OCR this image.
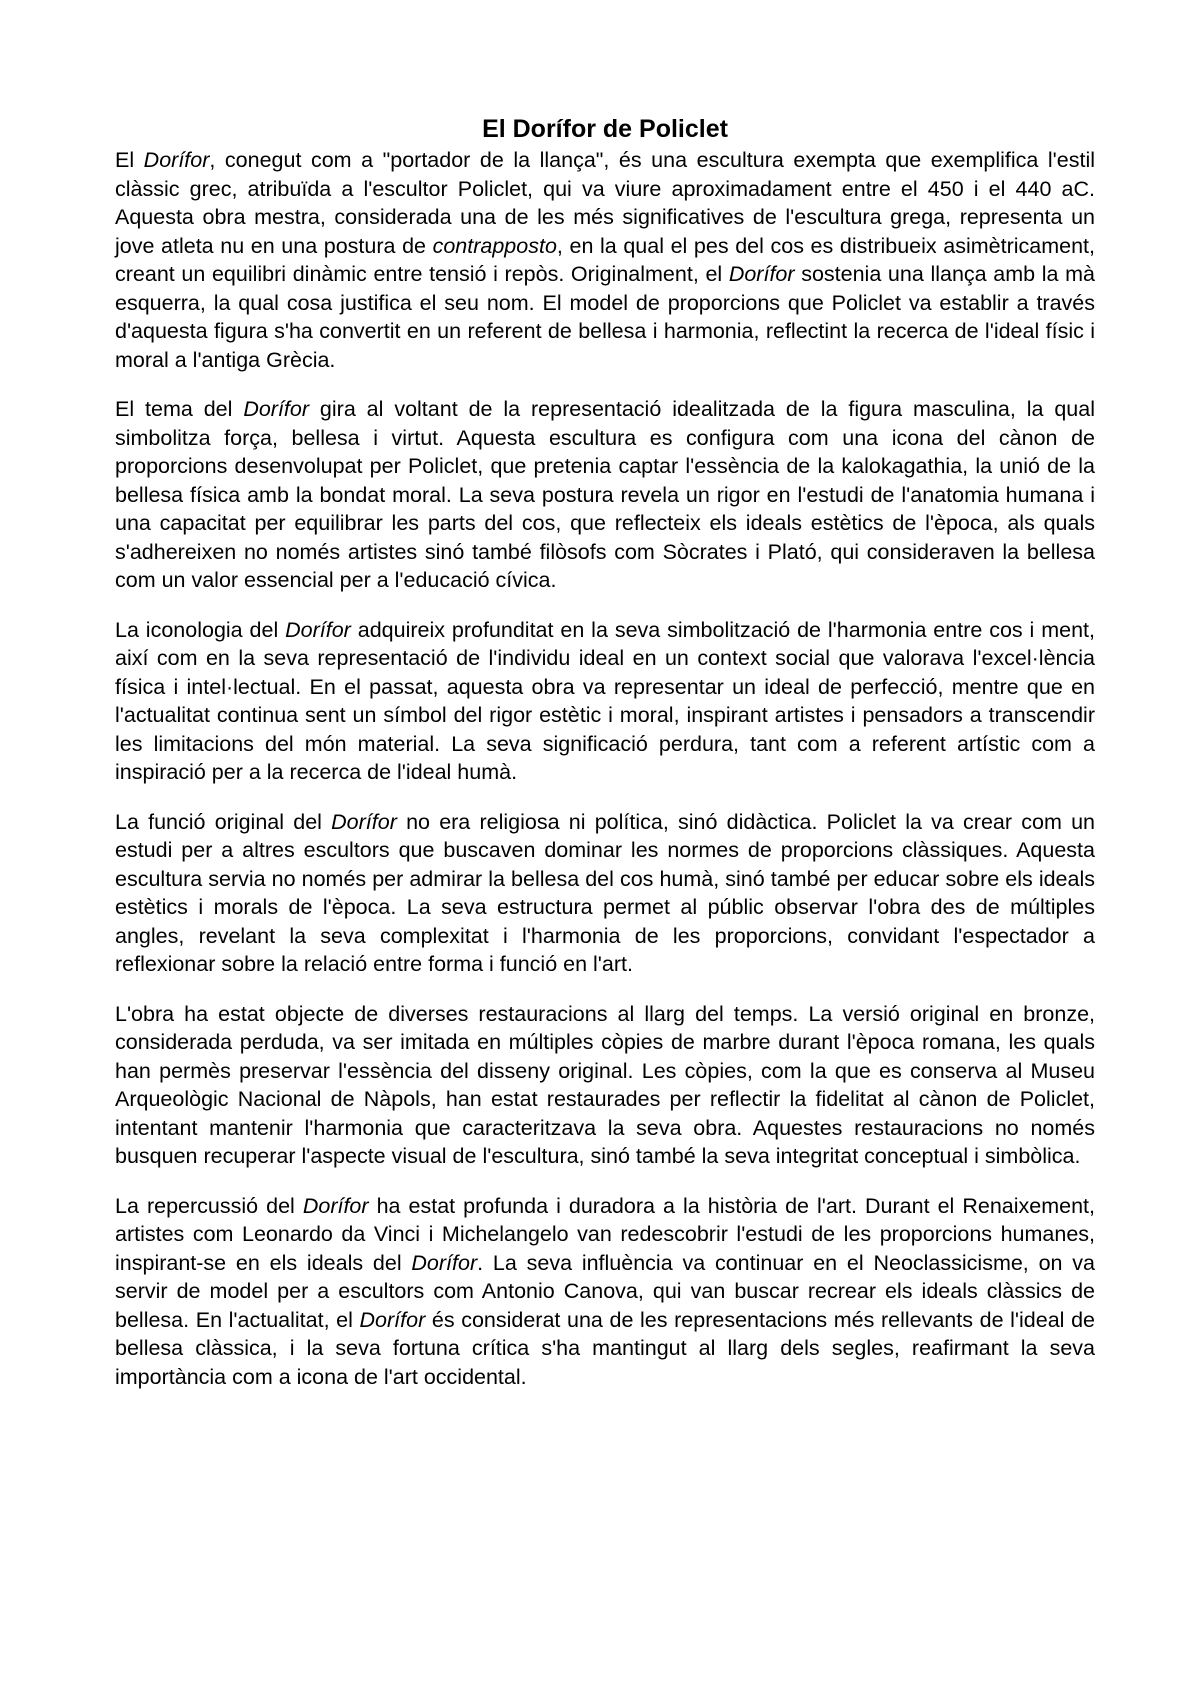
El Dorífor de Policlet

El Dorífor, conegut com a "portador de la llança", és una escultura exempta que exemplifica l'estil clàssic grec, atribuïda a l'escultor Policlet, qui va viure aproximadament entre el 450 i el 440 aC. Aquesta obra mestra, considerada una de les més significatives de l'escultura grega, representa un jove atleta nu en una postura de contrapposto, en la qual el pes del cos es distribueix asimètricament, creant un equilibri dinàmic entre tensió i repòs. Originalment, el Dorífor sostenia una llança amb la mà esquerra, la qual cosa justifica el seu nom. El model de proporcions que Policlet va establir a través d'aquesta figura s'ha convertit en un referent de bellesa i harmonia, reflectint la recerca de l'ideal físic i moral a l'antiga Grècia.

El tema del Dorífor gira al voltant de la representació idealitzada de la figura masculina, la qual simbolitza força, bellesa i virtut. Aquesta escultura es configura com una icona del cànon de proporcions desenvolupat per Policlet, que pretenia captar l'essència de la kalokagathia, la unió de la bellesa física amb la bondat moral. La seva postura revela un rigor en l'estudi de l'anatomia humana i una capacitat per equilibrar les parts del cos, que reflecteix els ideals estètics de l'època, als quals s'adhereixen no només artistes sinó també filòsofs com Sòcrates i Plató, qui consideraven la bellesa com un valor essencial per a l'educació cívica.

La iconologia del Dorífor adquireix profunditat en la seva simbolització de l'harmonia entre cos i ment, així com en la seva representació de l'individu ideal en un context social que valorava l'excel·lència física i intel·lectual. En el passat, aquesta obra va representar un ideal de perfecció, mentre que en l'actualitat continua sent un símbol del rigor estètic i moral, inspirant artistes i pensadors a transcendir les limitacions del món material. La seva significació perdura, tant com a referent artístic com a inspiració per a la recerca de l'ideal humà.

La funció original del Dorífor no era religiosa ni política, sinó didàctica. Policlet la va crear com un estudi per a altres escultors que buscaven dominar les normes de proporcions clàssiques. Aquesta escultura servia no només per admirar la bellesa del cos humà, sinó també per educar sobre els ideals estètics i morals de l'època. La seva estructura permet al públic observar l'obra des de múltiples angles, revelant la seva complexitat i l'harmonia de les proporcions, convidant l'espectador a reflexionar sobre la relació entre forma i funció en l'art.

L'obra ha estat objecte de diverses restauracions al llarg del temps. La versió original en bronze, considerada perduda, va ser imitada en múltiples còpies de marbre durant l'època romana, les quals han permès preservar l'essència del disseny original. Les còpies, com la que es conserva al Museu Arqueològic Nacional de Nàpols, han estat restaurades per reflectir la fidelitat al cànon de Policlet, intentant mantenir l'harmonia que caracteritzava la seva obra. Aquestes restauracions no només busquen recuperar l'aspecte visual de l'escultura, sinó també la seva integritat conceptual i simbòlica.

La repercussió del Dorífor ha estat profunda i duradora a la història de l'art. Durant el Renaixement, artistes com Leonardo da Vinci i Michelangelo van redescobrir l'estudi de les proporcions humanes, inspirant-se en els ideals del Dorífor. La seva influència va continuar en el Neoclassicisme, on va servir de model per a escultors com Antonio Canova, qui van buscar recrear els ideals clàssics de bellesa. En l'actualitat, el Dorífor és considerat una de les representacions més rellevants de l'ideal de bellesa clàssica, i la seva fortuna crítica s'ha mantingut al llarg dels segles, reafirmant la seva importància com a icona de l'art occidental.
